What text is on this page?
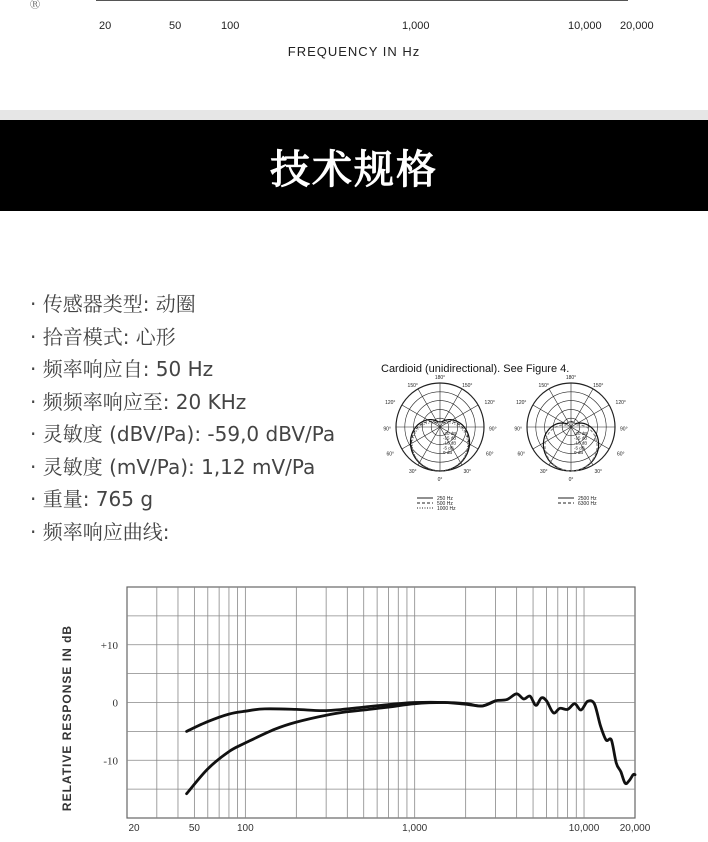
Ⓡ
20	50	100	1,000	10,000 20,000
FREQUENCY IN Hz
技术规格
· 传感器类型: 动圈
· 拾音模式: 心形
· 频率响应自: 50 Hz
· 频频率响应至: 20 KHz
· 灵敏度 (dBV/Pa): -59,0 dBV/Pa
· 灵敏度 (mV/Pa): 1,12 mV/Pa
· 重量: 765 g
· 频率响应曲线:
Cardioid (unidirectional). See Figure 4.
180°
150°	150°
120°	120°
90°	90°
60°	60°
30°	30°
0°
-20 dB
-15 dB
-10 dB
-5 dB
0 dB
180°
150°	150°
120°	120°
90°	90°
60°	60°
30°	30°
0°
-20 dB
-15 dB
-10 dB
-5 dB
0 dB
250 Hz
500 Hz
1000 Hz
2500 Hz
6300 Hz
+10
0
-10
20	50	100	1,000	10,000 20,000
RELATIVE RESPONSE IN dB
